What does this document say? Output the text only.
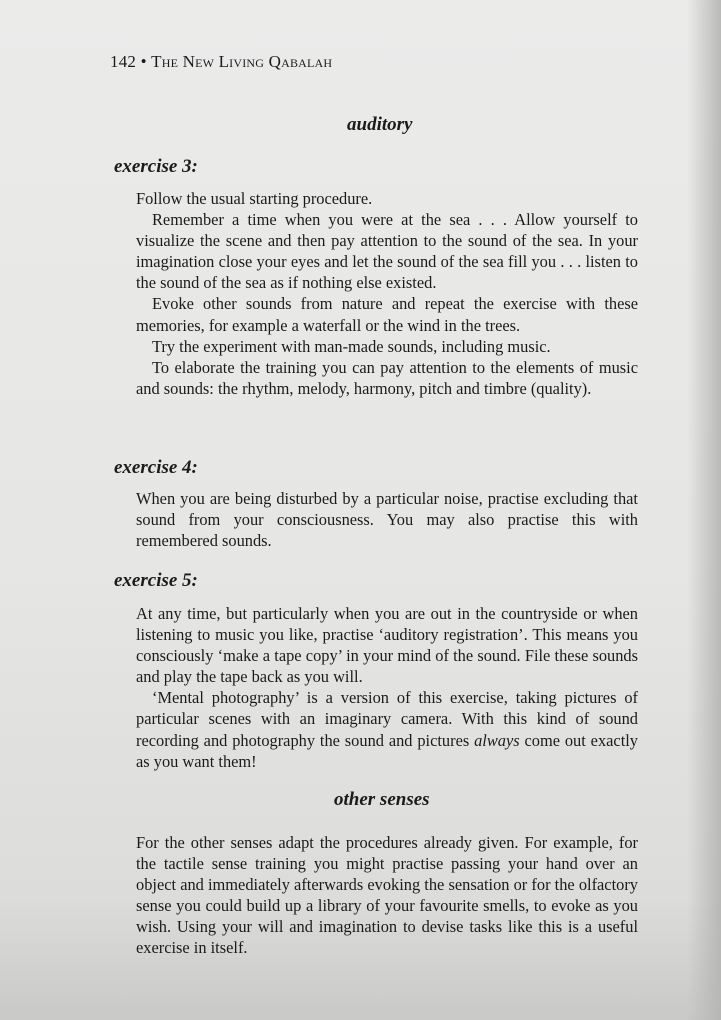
142 • The New Living Qabalah
auditory
exercise 3:

Follow the usual starting procedure.

Remember a time when you were at the sea . . . Allow yourself to visualize the scene and then pay attention to the sound of the sea. In your imagination close your eyes and let the sound of the sea fill you . . . listen to the sound of the sea as if nothing else existed.

Evoke other sounds from nature and repeat the exercise with these memories, for example a waterfall or the wind in the trees.

Try the experiment with man-made sounds, including music.

To elaborate the training you can pay attention to the elements of music and sounds: the rhythm, melody, harmony, pitch and timbre (quality).

exercise 4:

When you are being disturbed by a particular noise, practise excluding that sound from your consciousness. You may also practise this with remembered sounds.

exercise 5:

At any time, but particularly when you are out in the countryside or when listening to music you like, practise ‘auditory registration’. This means you consciously ‘make a tape copy’ in your mind of the sound. File these sounds and play the tape back as you will.

‘Mental photography’ is a version of this exercise, taking pictures of particular scenes with an imaginary camera. With this kind of sound recording and photography the sound and pictures always come out exactly as you want them!

other senses

For the other senses adapt the procedures already given. For example, for the tactile sense training you might practise passing your hand over an object and immediately afterwards evoking the sensation or for the olfactory sense you could build up a library of your favourite smells, to evoke as you wish. Using your will and imagination to devise tasks like this is a useful exercise in itself.
